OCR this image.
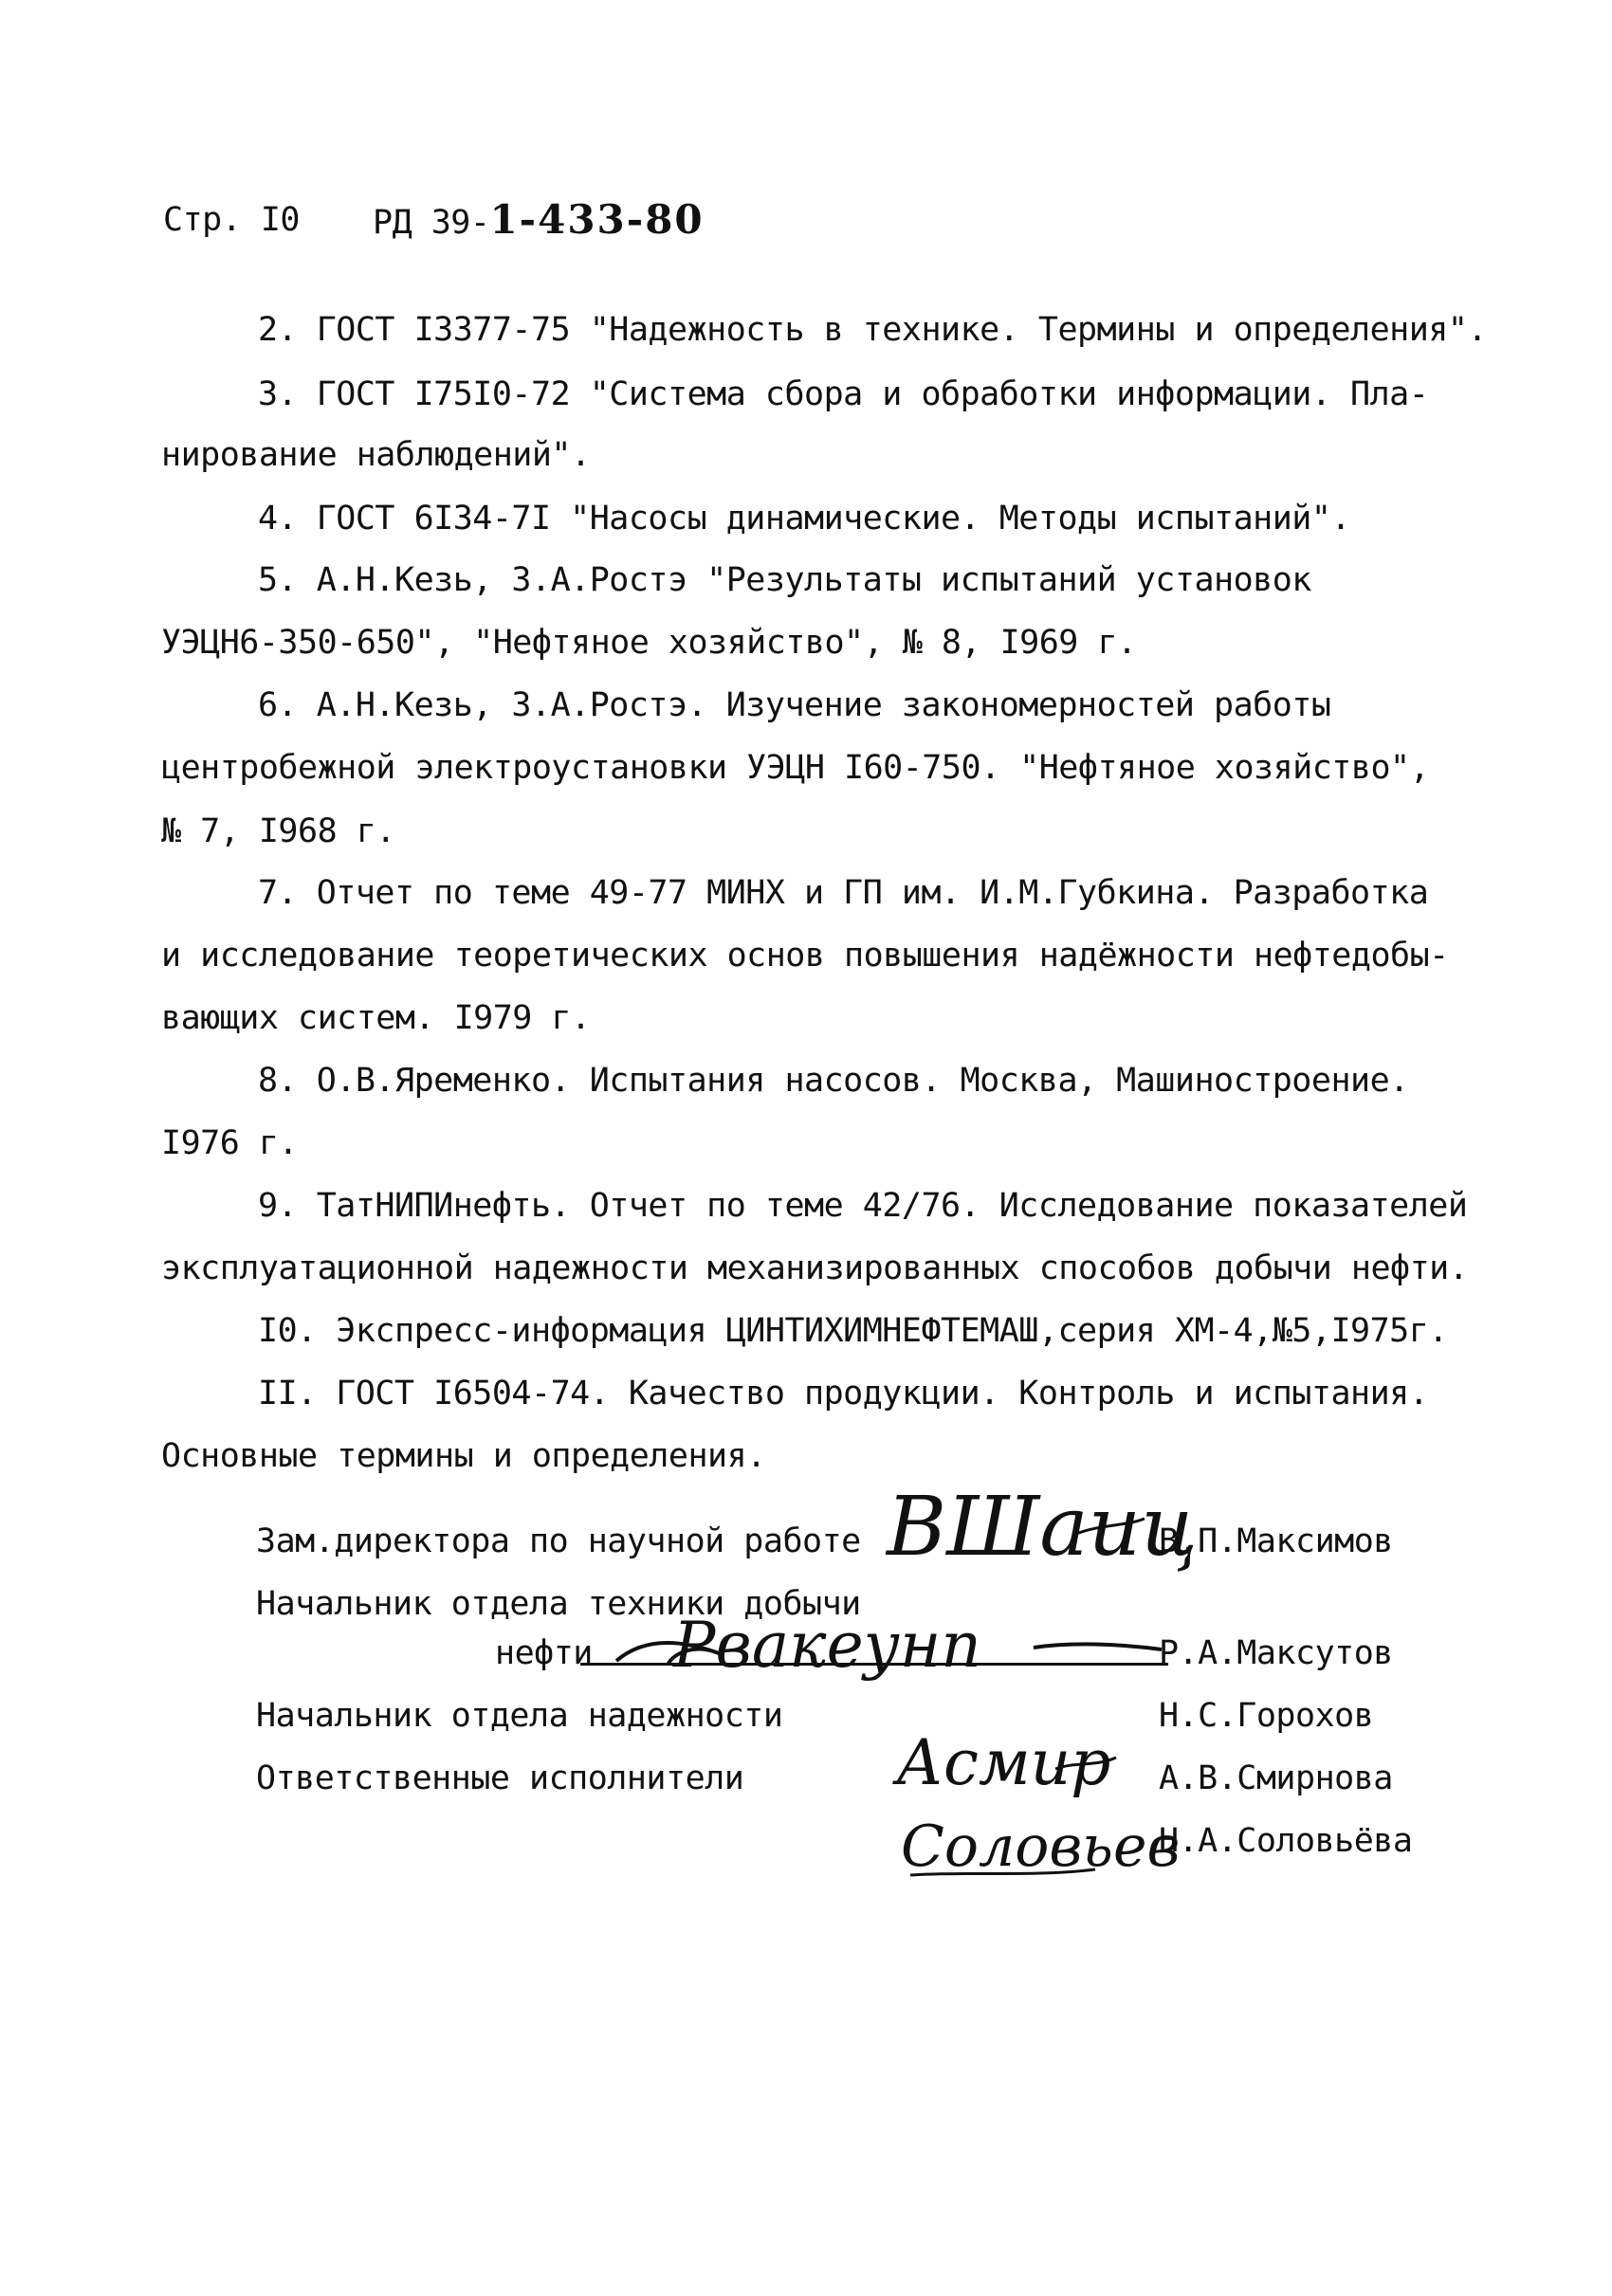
Стр. I0 РД 39-1-433-80
2. ГОСТ I3377-75 "Надежность в технике. Термины и определения".
3. ГОСТ I75I0-72 "Система сбора и обработки информации. Пла-
нирование наблюдений".
4. ГОСТ 6I34-7I "Насосы динамические. Методы испытаний".
5. А.Н.Кезь, З.А.Ростэ "Результаты испытаний установок
УЭЦН6-350-650", "Нефтяное хозяйство", № 8, I969 г.
6. А.Н.Кезь, З.А.Ростэ. Изучение закономерностей работы
центробежной электроустановки УЭЦН I60-750. "Нефтяное хозяйство",
№ 7, I968 г.
7. Отчет по теме 49-77 МИНХ и ГП им. И.М.Губкина. Разработка
и исследование теоретических основ повышения надёжности нефтедобы-
вающих систем. I979 г.
8. О.В.Яременко. Испытания насосов. Москва, Машиностроение.
I976 г.
9. ТатНИПИнефть. Отчет по теме 42/76. Исследование показателей
эксплуатационной надежности механизированных способов добычи нефти.
I0. Экспресс-информация ЦИНТИХИМНЕФТЕМАШ,серия ХМ-4,№5,I975г.
II. ГОСТ I6504-74. Качество продукции. Контроль и испытания.
Основные термины и определения.
Зам.директора по научной работе	В.П.Максимов
Начальник отдела техники добычи
нефти	Р.А.Максутов
Начальник отдела надежности	Н.С.Горохов
Ответственные исполнители	А.В.Смирнова
Н.А.Соловьёва
ВШаиц
Рвакеунп
Асмир
Соловьев
